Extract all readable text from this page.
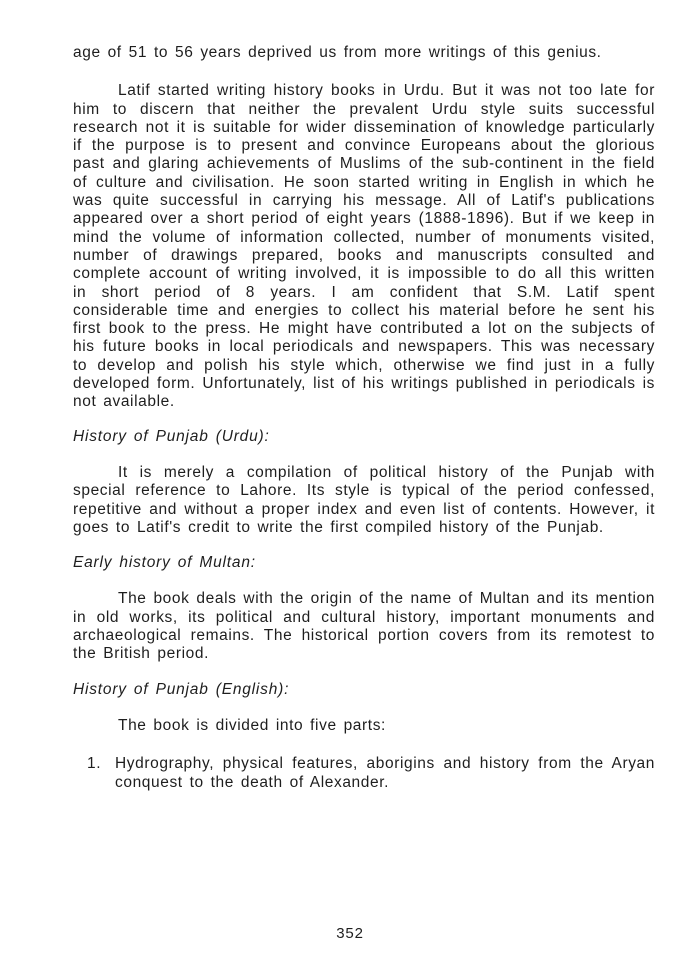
age of 51 to 56 years deprived us from more writings of this genius.

Latif started writing history books in Urdu. But it was not too late for him to discern that neither the prevalent Urdu style suits successful research not it is suitable for wider dissemination of knowledge particularly if the purpose is to present and convince Europeans about the glorious past and glaring achievements of Muslims of the sub-continent in the field of culture and civilisation. He soon started writing in English in which he was quite successful in carrying his message. All of Latif's publications appeared over a short period of eight years (1888-1896). But if we keep in mind the volume of information collected, number of monuments visited, number of drawings prepared, books and manuscripts consulted and complete account of writing involved, it is impossible to do all this written in short period of 8 years. I am confident that S.M. Latif spent considerable time and energies to collect his material before he sent his first book to the press. He might have contributed a lot on the subjects of his future books in local periodicals and newspapers. This was necessary to develop and polish his style which, otherwise we find just in a fully developed form. Unfortunately, list of his writings published in periodicals is not available.

History of Punjab (Urdu):

It is merely a compilation of political history of the Punjab with special reference to Lahore. Its style is typical of the period confessed, repetitive and without a proper index and even list of contents. However, it goes to Latif's credit to write the first compiled history of the Punjab.

Early history of Multan:

The book deals with the origin of the name of Multan and its mention in old works, its political and cultural history, important monuments and archaeological remains. The historical portion covers from its remotest to the British period.

History of Punjab (English):

The book is divided into five parts:

1. Hydrography, physical features, aborigins and history from the Aryan conquest to the death of Alexander.
352
